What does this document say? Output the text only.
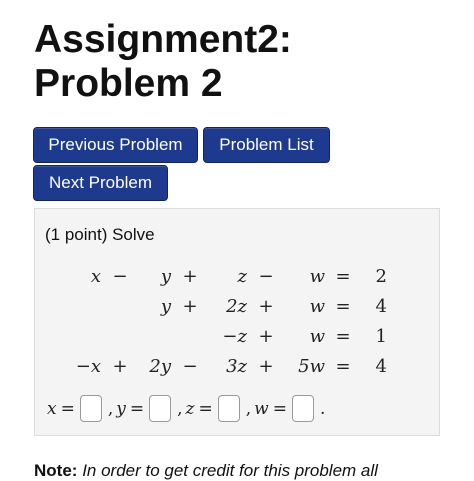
Assignment2:
Problem 2
Previous Problem	Problem List
Next Problem
(1 point) Solve
x	−	y	+	z	−	w	=	2
		y	+	2z	+	w	=	4
				−z	+	w	=	1
−x	+	2y	−	3z	+	5w	=	4
x = , y = , z = , w = .
Note: In order to get credit for this problem all
